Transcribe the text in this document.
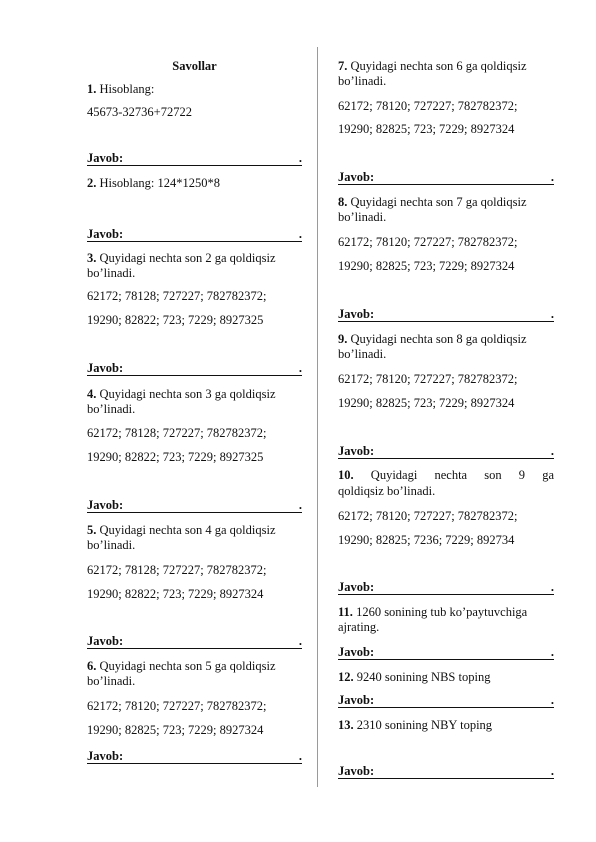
Savollar
1. Hisoblang:
45673-32736+72722
Javob:	.
2. Hisoblang: 124*1250*8
Javob:	.
3. Quyidagi nechta son 2 ga qoldiqsiz bo’linadi.
62172; 78128; 727227; 782782372;
19290; 82822; 723; 7229; 8927325
Javob:	.
4. Quyidagi nechta son 3 ga qoldiqsiz bo’linadi.
62172; 78128; 727227; 782782372;
19290; 82822; 723; 7229; 8927325
Javob:	.
5. Quyidagi nechta son 4 ga qoldiqsiz bo’linadi.
62172; 78128; 727227; 782782372;
19290; 82822; 723; 7229; 8927324
Javob:	.
6. Quyidagi nechta son 5 ga qoldiqsiz bo’linadi.
62172; 78120; 727227; 782782372;
19290; 82825; 723; 7229; 8927324
Javob:	.
7. Quyidagi nechta son 6 ga qoldiqsiz bo’linadi.
62172; 78120; 727227; 782782372;
19290; 82825; 723; 7229; 8927324
Javob:	.
8. Quyidagi nechta son 7 ga qoldiqsiz bo’linadi.
62172; 78120; 727227; 782782372;
19290; 82825; 723; 7229; 8927324
Javob:	.
9. Quyidagi nechta son 8 ga qoldiqsiz bo’linadi.
62172; 78120; 727227; 782782372;
19290; 82825; 723; 7229; 8927324
Javob:	.
10. Quyidagi nechta son 9 ga
qoldiqsiz bo’linadi.
62172; 78120; 727227; 782782372;
19290; 82825; 7236; 7229; 892734
Javob:	.
11. 1260 sonining tub ko’paytuvchiga ajrating.
Javob:	.
12. 9240 sonining NBS toping
Javob:	.
13. 2310 sonining NBY toping
Javob:	.
